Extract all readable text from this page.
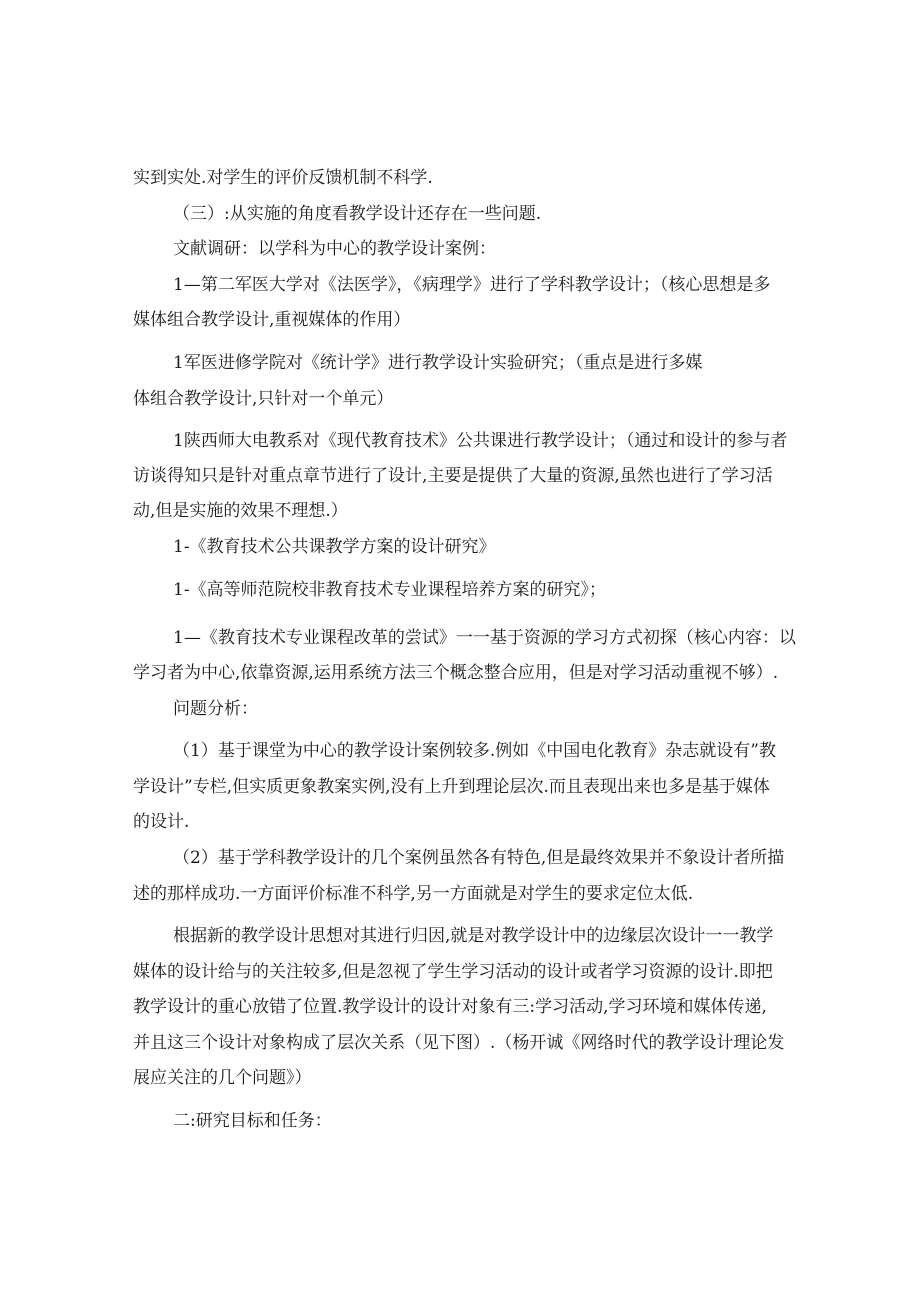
实到实处.对学生的评价反馈机制不科学.
（三）:从实施的角度看教学设计还存在一些问题.
文献调研：以学科为中心的教学设计案例：
1—第二军医大学对《法医学》，《病理学》进行了学科教学设计；（核心思想是多
媒体组合教学设计,重视媒体的作用）
1军医进修学院对《统计学》进行教学设计实验研究；（重点是进行多媒
体组合教学设计,只针对一个单元）
1陕西师大电教系对《现代教育技术》公共课进行教学设计；（通过和设计的参与者
访谈得知只是针对重点章节进行了设计,主要是提供了大量的资源,虽然也进行了学习活
动,但是实施的效果不理想.）
1-《教育技术公共课教学方案的设计研究》
1-《高等师范院校非教育技术专业课程培养方案的研究》；
1—《教育技术专业课程改革的尝试》一一基于资源的学习方式初探（核心内容：以
学习者为中心,依靠资源,运用系统方法三个概念整合应用，但是对学习活动重视不够）.
问题分析：
（1）基于课堂为中心的教学设计案例较多.例如《中国电化教育》杂志就设有”教
学设计”专栏,但实质更象教案实例,没有上升到理论层次.而且表现出来也多是基于媒体
的设计.
（2）基于学科教学设计的几个案例虽然各有特色,但是最终效果并不象设计者所描
述的那样成功.一方面评价标准不科学,另一方面就是对学生的要求定位太低.
根据新的教学设计思想对其进行归因,就是对教学设计中的边缘层次设计一一教学
媒体的设计给与的关注较多,但是忽视了学生学习活动的设计或者学习资源的设计.即把
教学设计的重心放错了位置.教学设计的设计对象有三:学习活动,学习环境和媒体传递,
并且这三个设计对象构成了层次关系（见下图）.（杨开诚《网络时代的教学设计理论发
展应关注的几个问题》）
二:研究目标和任务：
